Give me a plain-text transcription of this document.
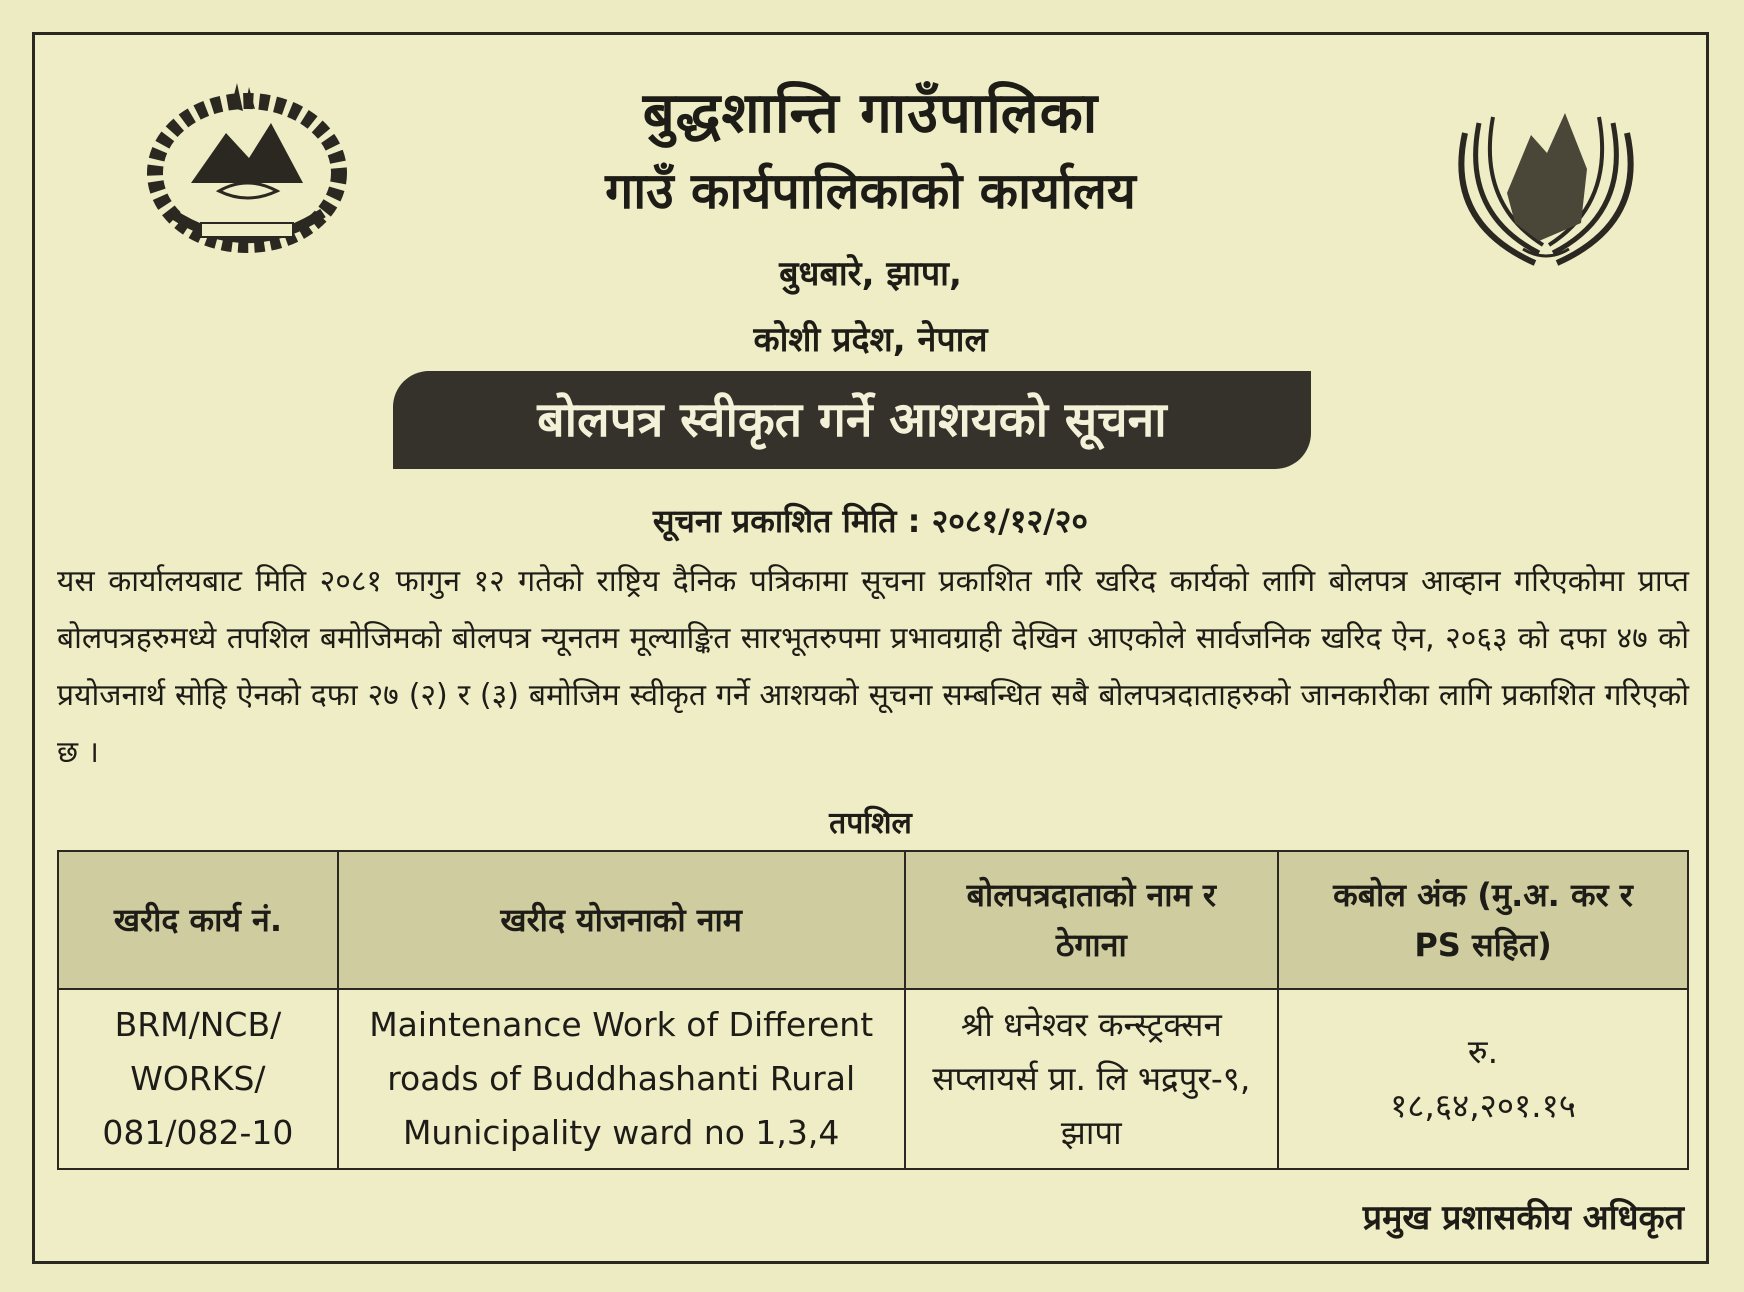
बुद्धशान्ति गाउँपालिका
गाउँ कार्यपालिकाको कार्यालय
बुधबारे, झापा,
कोशी प्रदेश, नेपाल
बोलपत्र स्वीकृत गर्ने आशयको सूचना
सूचना प्रकाशित मिति : २०८१/१२/२०
यस कार्यालयबाट मिति २०८१ फागुन १२ गतेको राष्ट्रिय दैनिक पत्रिकामा सूचना प्रकाशित गरि खरिद कार्यको लागि बोलपत्र आव्हान गरिएकोमा प्राप्त बोलपत्रहरुमध्ये तपशिल बमोजिमको बोलपत्र न्यूनतम मूल्याङ्कित सारभूतरुपमा प्रभावग्राही देखिन आएकोले सार्वजनिक खरिद ऐन, २०६३ को दफा ४७ को प्रयोजनार्थ सोहि ऐनको दफा २७ (२) र (३) बमोजिम स्वीकृत गर्ने आशयको सूचना सम्बन्धित सबै बोलपत्रदाताहरुको जानकारीका लागि प्रकाशित गरिएको छ ।
तपशिल
खरीद कार्य नं.	खरीद योजनाको नाम	बोलपत्रदाताको नाम र ठेगाना	कबोल अंक (मु.अ. कर र PS सहित)
BRM/NCB/ WORKS/ 081/082-10	Maintenance Work of Different roads of Buddhashanti Rural Municipality ward no 1,3,4	श्री धनेश्वर कन्स्ट्रक्सन सप्लायर्स प्रा. लि भद्रपुर-९, झापा	रु. १८,६४,२०१.१५
प्रमुख प्रशासकीय अधिकृत
